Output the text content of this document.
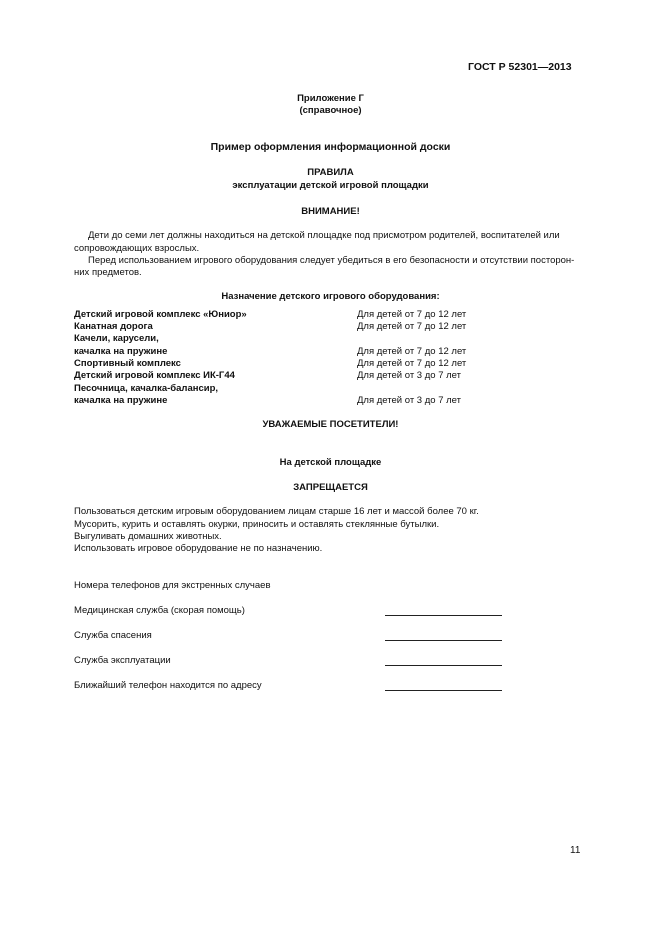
ГОСТ Р 52301—2013
Приложение Г
(справочное)
Пример оформления информационной доски
ПРАВИЛА
эксплуатации детской игровой площадки
ВНИМАНИЕ!
Дети до семи лет должны находиться на детской площадке под присмотром родителей, воспитателей или
сопровождающих взрослых.
Перед использованием игрового оборудования следует убедиться в его безопасности и отсутствии посторон-
них предметов.
Назначение детского игрового оборудования:
Детский игровой комплекс «Юниор»	Для детей от 7 до 12 лет
Канатная дорога	Для детей от 7 до 12 лет
Качели, карусели,
качалка на пружине	Для детей от 7 до 12 лет
Спортивный комплекс	Для детей от 7 до 12 лет
Детский игровой комплекс ИК-Г44	Для детей от 3 до 7 лет
Песочница, качалка-балансир,
качалка на пружине	Для детей от 3 до 7 лет
УВАЖАЕМЫЕ ПОСЕТИТЕЛИ!
На детской площадке
ЗАПРЕЩАЕТСЯ
Пользоваться детским игровым оборудованием лицам старше 16 лет и массой более 70 кг.
Мусорить, курить и оставлять окурки, приносить и оставлять стеклянные бутылки.
Выгуливать домашних животных.
Использовать игровое оборудование не по назначению.
Номера телефонов для экстренных случаев
Медицинская служба (скорая помощь)
Служба спасения
Служба эксплуатации
Ближайший телефон находится по адресу
11
